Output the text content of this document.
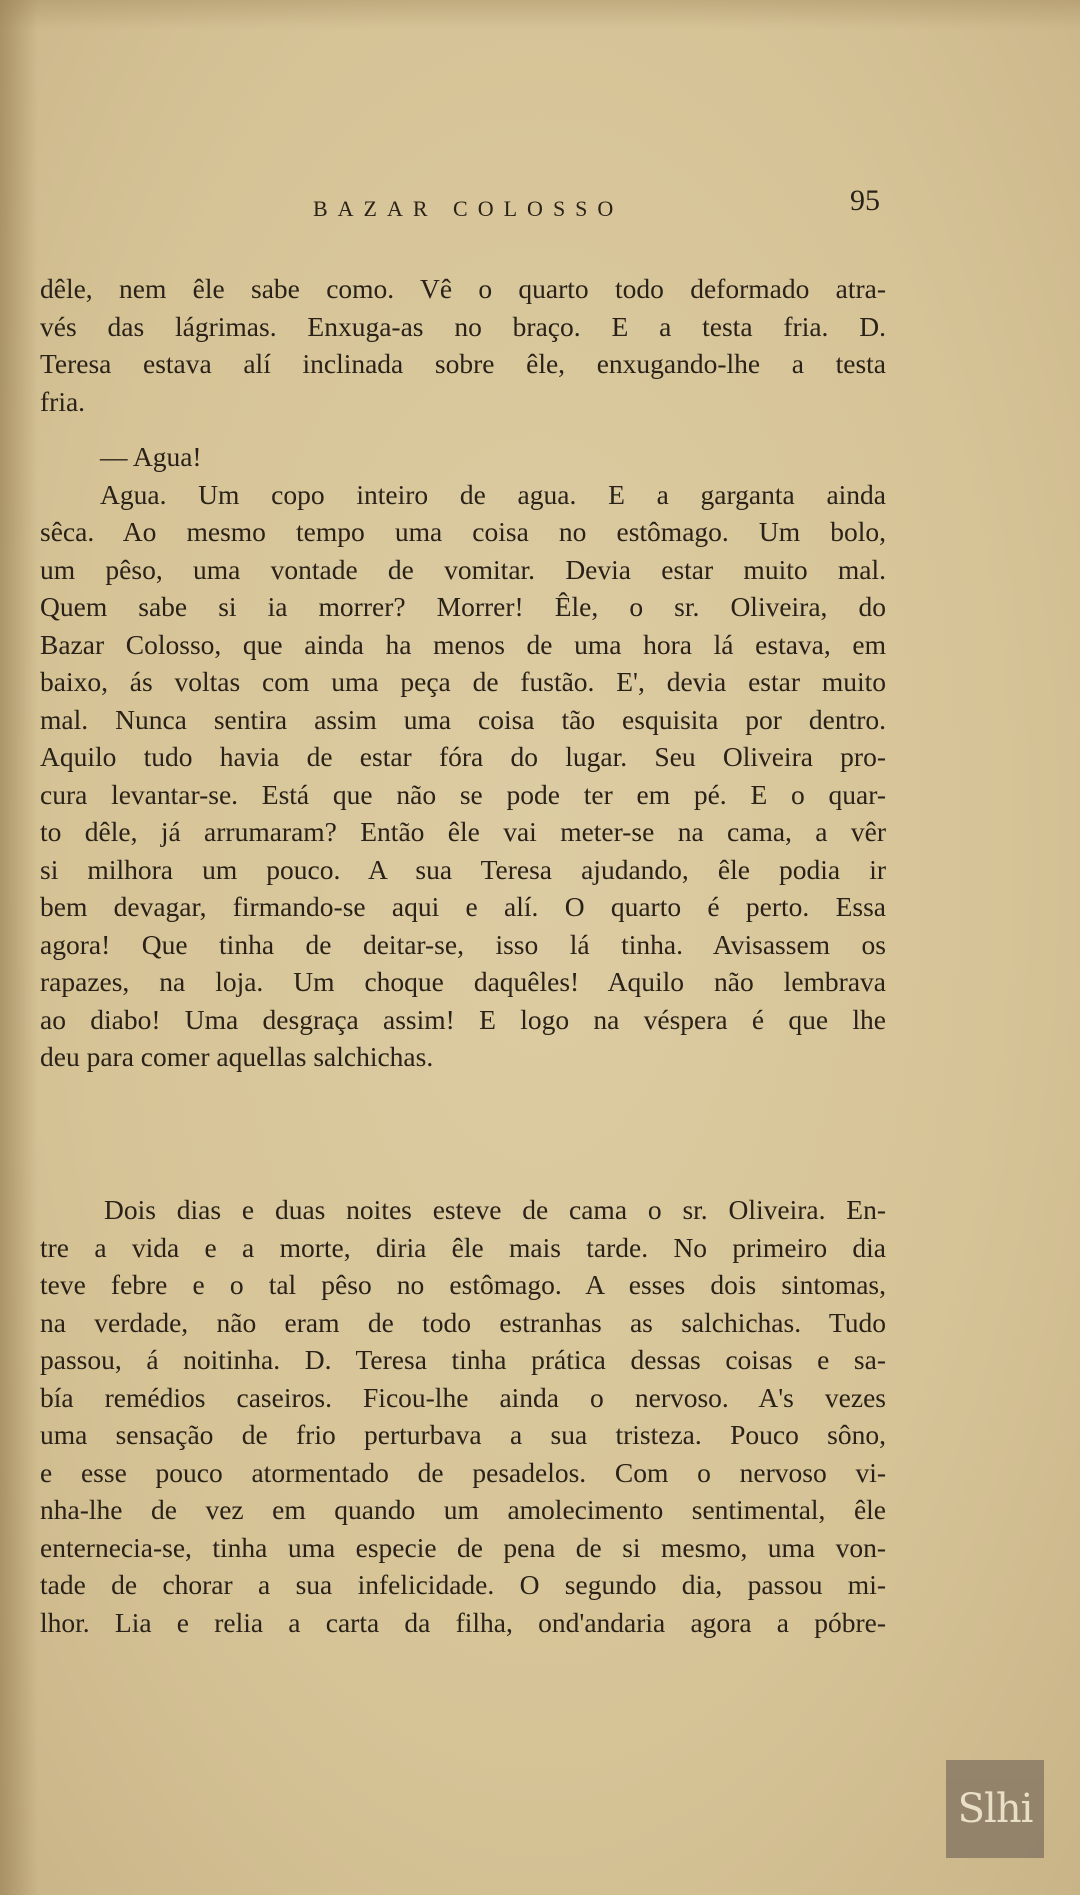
BAZAR COLOSSO	95
dêle, nem êle sabe como. Vê o quarto todo deformado atra-
vés das lágrimas. Enxuga-as no braço. E a testa fria. D.
Teresa estava alí inclinada sobre êle, enxugando-lhe a testa
fria.
— Agua!
Agua. Um copo inteiro de agua. E a garganta ainda
sêca. Ao mesmo tempo uma coisa no estômago. Um bolo,
um pêso, uma vontade de vomitar. Devia estar muito mal.
Quem sabe si ia morrer? Morrer! Êle, o sr. Oliveira, do
Bazar Colosso, que ainda ha menos de uma hora lá estava, em
baixo, ás voltas com uma peça de fustão. E', devia estar muito
mal. Nunca sentira assim uma coisa tão esquisita por dentro.
Aquilo tudo havia de estar fóra do lugar. Seu Oliveira pro-
cura levantar-se. Está que não se pode ter em pé. E o quar-
to dêle, já arrumaram? Então êle vai meter-se na cama, a vêr
si milhora um pouco. A sua Teresa ajudando, êle podia ir
bem devagar, firmando-se aqui e alí. O quarto é perto. Essa
agora! Que tinha de deitar-se, isso lá tinha. Avisassem os
rapazes, na loja. Um choque daquêles! Aquilo não lembrava
ao diabo! Uma desgraça assim! E logo na véspera é que lhe
deu para comer aquellas salchichas.
Dois dias e duas noites esteve de cama o sr. Oliveira. En-
tre a vida e a morte, diria êle mais tarde. No primeiro dia
teve febre e o tal pêso no estômago. A esses dois sintomas,
na verdade, não eram de todo estranhas as salchichas. Tudo
passou, á noitinha. D. Teresa tinha prática dessas coisas e sa-
bía remédios caseiros. Ficou-lhe ainda o nervoso. A's vezes
uma sensação de frio perturbava a sua tristeza. Pouco sôno,
e esse pouco atormentado de pesadelos. Com o nervoso vi-
nha-lhe de vez em quando um amolecimento sentimental, êle
enternecia-se, tinha uma especie de pena de si mesmo, uma von-
tade de chorar a sua infelicidade. O segundo dia, passou mi-
lhor. Lia e relia a carta da filha, ond'andaria agora a póbre-
Slhi
